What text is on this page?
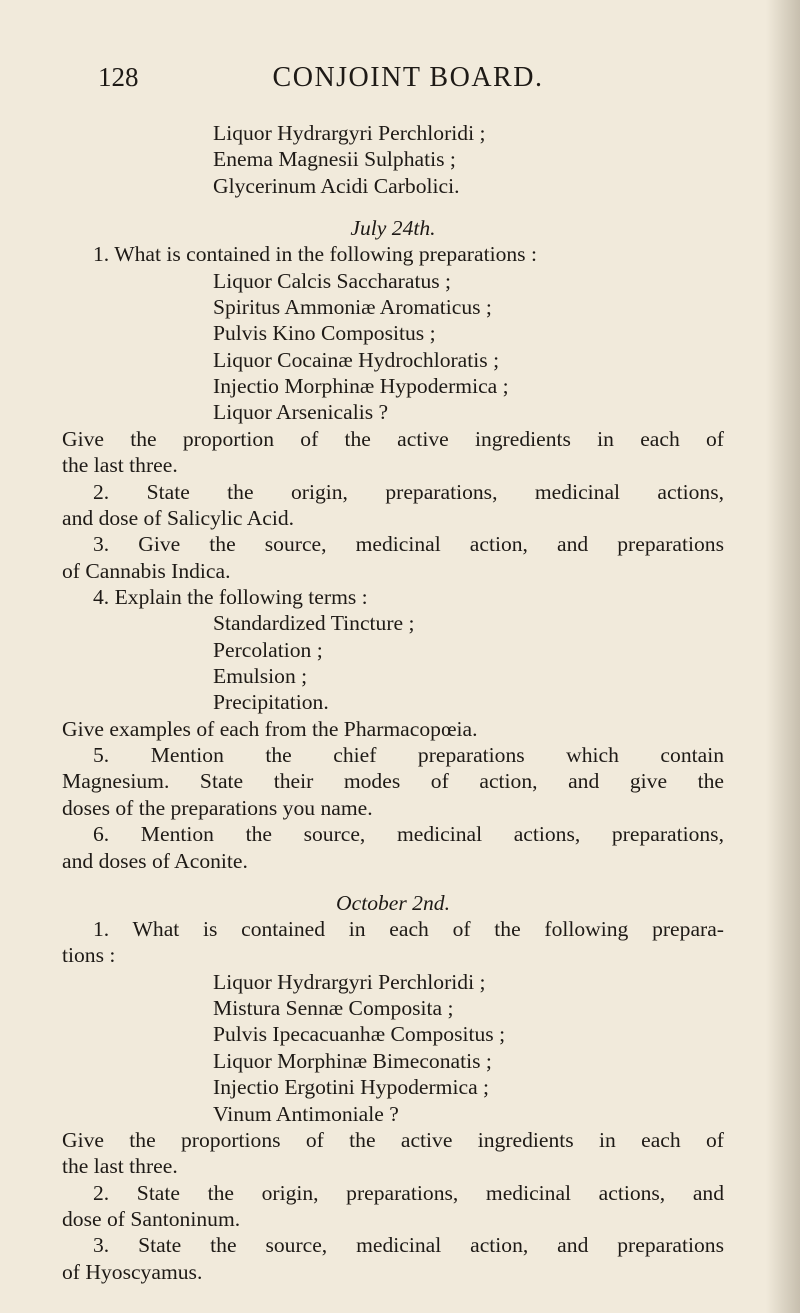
128	CONJOINT BOARD.
Liquor Hydrargyri Perchloridi ;
Enema Magnesii Sulphatis ;
Glycerinum Acidi Carbolici.
July 24th.
1. What is contained in the following preparations :
Liquor Calcis Saccharatus ;
Spiritus Ammoniæ Aromaticus ;
Pulvis Kino Compositus ;
Liquor Cocainæ Hydrochloratis ;
Injectio Morphinæ Hypodermica ;
Liquor Arsenicalis ?
Give the proportion of the active ingredients in each of
the last three.
2. State the origin, preparations, medicinal actions,
and dose of Salicylic Acid.
3. Give the source, medicinal action, and preparations
of Cannabis Indica.
4. Explain the following terms :
Standardized Tincture ;
Percolation ;
Emulsion ;
Precipitation.
Give examples of each from the Pharmacopœia.
5. Mention the chief preparations which contain
Magnesium. State their modes of action, and give the
doses of the preparations you name.
6. Mention the source, medicinal actions, preparations,
and doses of Aconite.
October 2nd.
1. What is contained in each of the following prepara-
tions :
Liquor Hydrargyri Perchloridi ;
Mistura Sennæ Composita ;
Pulvis Ipecacuanhæ Compositus ;
Liquor Morphinæ Bimeconatis ;
Injectio Ergotini Hypodermica ;
Vinum Antimoniale ?
Give the proportions of the active ingredients in each of
the last three.
2. State the origin, preparations, medicinal actions, and
dose of Santoninum.
3. State the source, medicinal action, and preparations
of Hyoscyamus.
